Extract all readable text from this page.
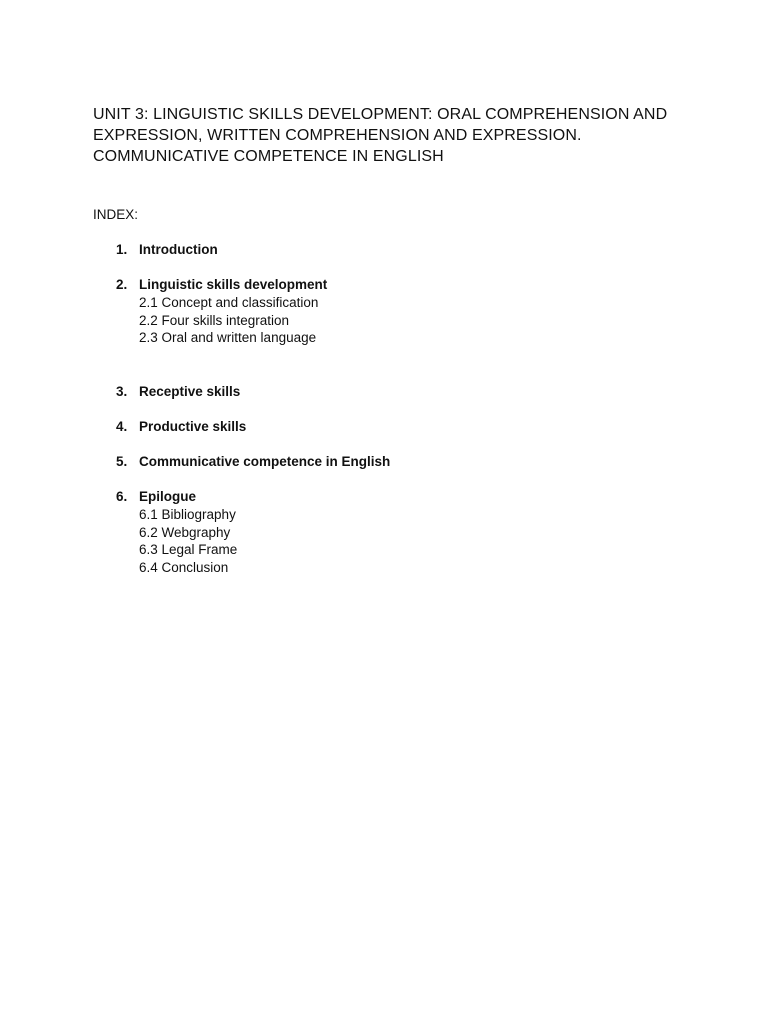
UNIT 3: LINGUISTIC SKILLS DEVELOPMENT: ORAL COMPREHENSION AND EXPRESSION, WRITTEN COMPREHENSION AND EXPRESSION. COMMUNICATIVE COMPETENCE IN ENGLISH

INDEX:

1. Introduction
2. Linguistic skills development
2.1 Concept and classification
2.2 Four skills integration
2.3 Oral and written language
3. Receptive skills
4. Productive skills
5. Communicative competence in English
6. Epilogue
6.1 Bibliography
6.2 Webgraphy
6.3 Legal Frame
6.4 Conclusion
